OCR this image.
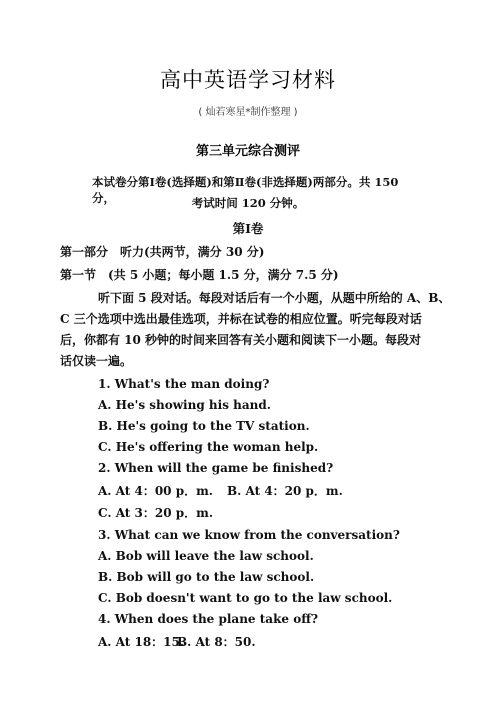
高中英语学习材料
( 灿若寒星*制作整理 )
第三单元综合测评
本试卷分第Ⅰ卷(选择题)和第Ⅱ卷(非选择题)两部分。共 150 分，	考试时间 120 分钟。
第Ⅰ卷
第一部分　听力(共两节，满分 30 分)
第一节　(共 5 小题；每小题 1.5 分，满分 7.5 分)
听下面 5 段对话。每段对话后有一个小题，从题中所给的 A、B、
C 三个选项中选出最佳选项，并标在试卷的相应位置。听完每段对话
后，你都有 10 秒钟的时间来回答有关小题和阅读下一小题。每段对
话仅读一遍。
1. What's the man doing?
A. He's showing his hand.
B. He's going to the TV station.
C. He's offering the woman help.
2. When will the game be finished?
A. At 4：00 p．m. B. At 4：20 p．m.
C. At 3：20 p．m.
3. What can we know from the conversation?
A. Bob will leave the law school.
B. Bob will go to the law school.
C. Bob doesn't want to go to the law school.
4. When does the plane take off?
A. At 18：15.
B. At 8：50.
